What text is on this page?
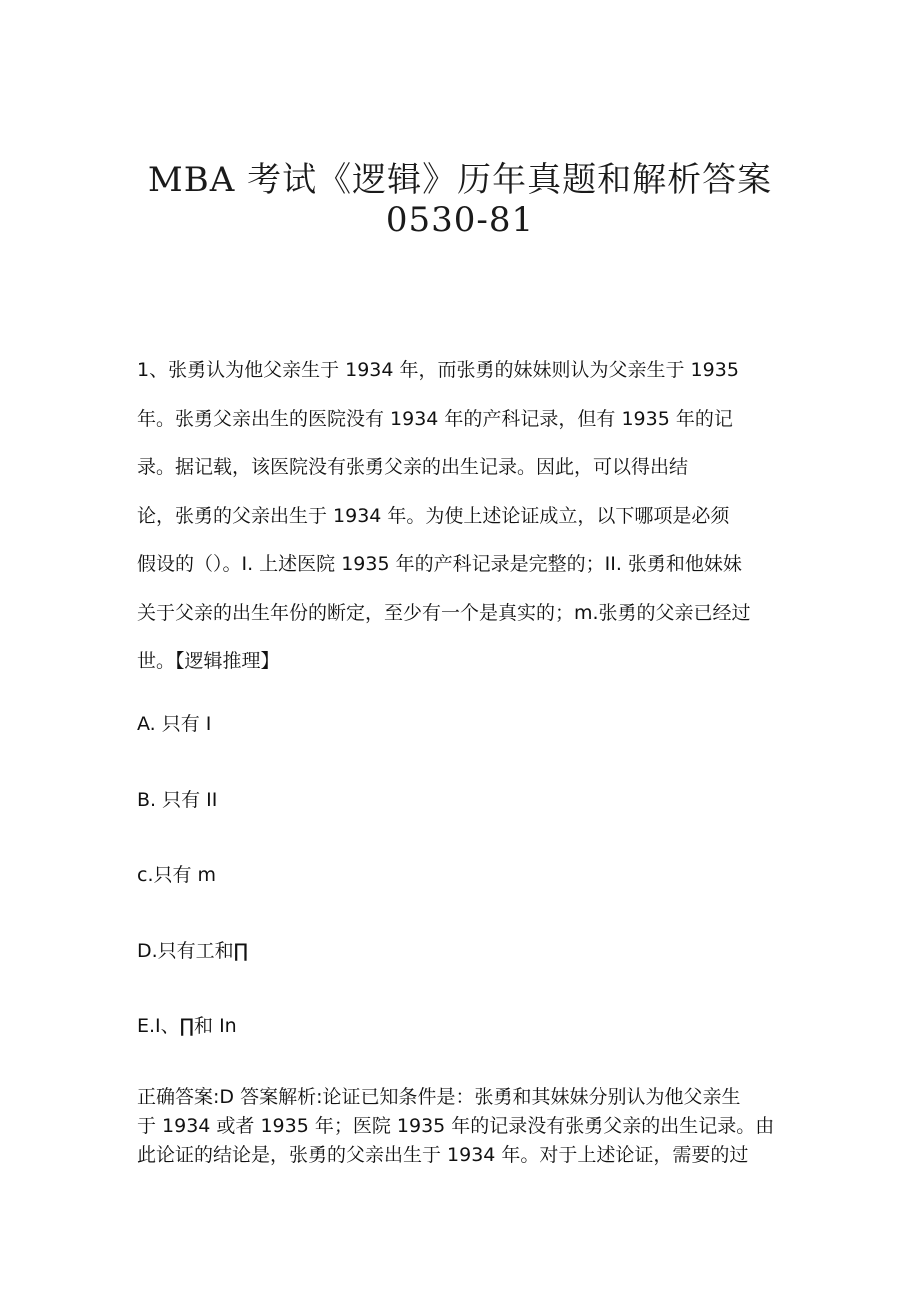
MBA 考试《逻辑》历年真题和解析答案
0530-81

1、张勇认为他父亲生于 1934 年，而张勇的妹妹则认为父亲生于 1935
年。张勇父亲出生的医院没有 1934 年的产科记录，但有 1935 年的记
录。据记载，该医院没有张勇父亲的出生记录。因此，可以得出结
论，张勇的父亲出生于 1934 年。为使上述论证成立，以下哪项是必须
假设的（）。I. 上述医院 1935 年的产科记录是完整的；II. 张勇和他妹妹
关于父亲的出生年份的断定，至少有一个是真实的；m.张勇的父亲已经过
世。【逻辑推理】

A. 只有 I

B. 只有 II

c.只有 m

D.只有工和∏

E.I、∏和 In

正确答案:D 答案解析:论证已知条件是：张勇和其妹妹分别认为他父亲生
于 1934 或者 1935 年；医院 1935 年的记录没有张勇父亲的出生记录。由
此论证的结论是，张勇的父亲出生于 1934 年。对于上述论证，需要的过
